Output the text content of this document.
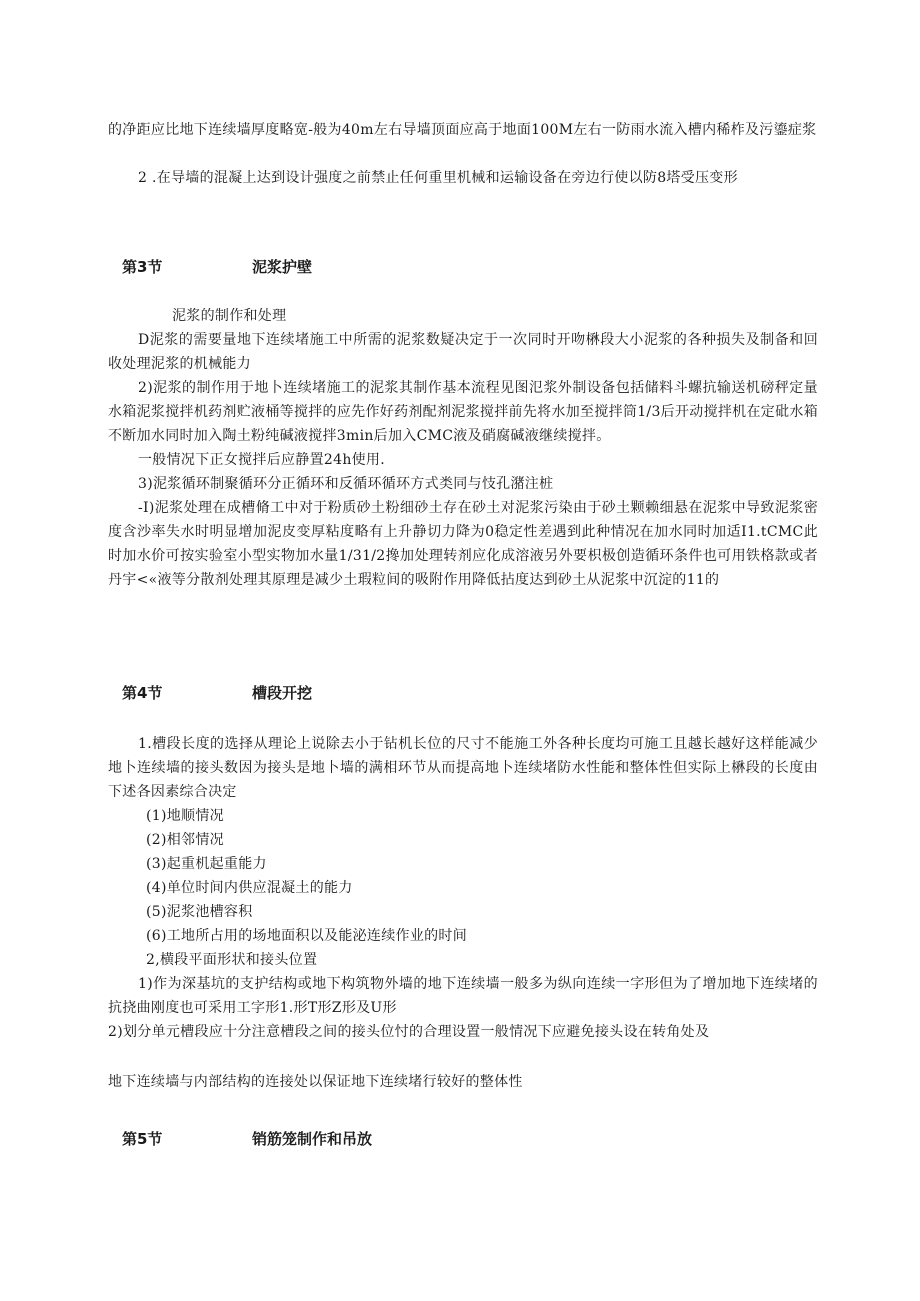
的净距应比地下连续墙厚度略宽-般为40m左右导墙顶面应高于地面100M左右一防雨水流入槽内稀柞及污鎏症浆

2 .在导墙的混凝上达到设计强度之前禁止任何重里机械和运输设备在旁边行使以防8塔受压变形

第3节	泥浆护壁

泥浆的制作和处理

D泥浆的需要量地下连续堵施工中所需的泥浆数疑决定于一次同时开吻楙段大小泥浆的各种损失及制备和回收处理泥浆的机械能力

2)泥浆的制作用于地卜连续堵施工的泥浆其制作基本流程见图氾浆外制设备包括储料斗螺抗输送机磅秤定量水箱泥浆搅拌机药剂贮液桶等搅拌的应先作好药剂配剂泥浆搅拌前先将水加至搅拌筒1/3后开动搅拌机在定砒水箱不断加水同时加入陶土粉纯碱液搅拌3min后加入CMC液及硝腐碱液继续搅拌。

一般情况下正女搅拌后应静置24h使用.

3)泥浆循环制聚循环分正循环和反循环循环方式类同与忮孔潴注桩

-I)泥浆处理在成槽脩工中对于粉质砂土粉细砂土存在砂土对泥浆污染由于砂土颗赖细悬在泥浆中导致泥浆密度含沙率失水时明显增加泥皮变厚粘度略有上升静切力降为0稳定性差遇到此种情况在加水同时加适I1.tCMC此时加水价可按实验室小型实物加水量1/31/2搀加处理转剂应化成溶液另外要枳极创造循环条件也可用铁格款或者丹宇<«液等分散剂处理其原理是减少土瑕粒间的吸附作用降低拈度达到砂土从泥浆中沉淀的11的

第4节	槽段开挖

1.槽段长度的选择从理论上说除去小于钻机长位的尺寸不能施工外各种长度均可施工且越长越好这样能减少地卜连续墙的接头数因为接头是地卜墙的满相环节从而提高地卜连续堵防水性能和整体性但实际上楙段的长度由下述各因素综合决定

(1)地顺情况

(2)相邻情况

(3)起重机起重能力

(4)单位时间内供应混凝土的能力

(5)泥浆池槽容积

(6)工地所占用的场地面积以及能泌连续作业的时间

2,横段平面形状和接头位置

1)作为深基坑的支护结构或地下构筑物外墙的地下连续墙一般多为纵向连续一字形但为了增加地下连续堵的抗挠曲刚度也可采用工字形1.形T形Z形及U形

2)划分单元槽段应十分注意槽段之间的接头位忖的合理设置一般情况下应避免接头设在转角处及

地下连续墙与内部结构的连接处以保证地下连续堵行较好的整体性

第5节	销筋笼制作和吊放
